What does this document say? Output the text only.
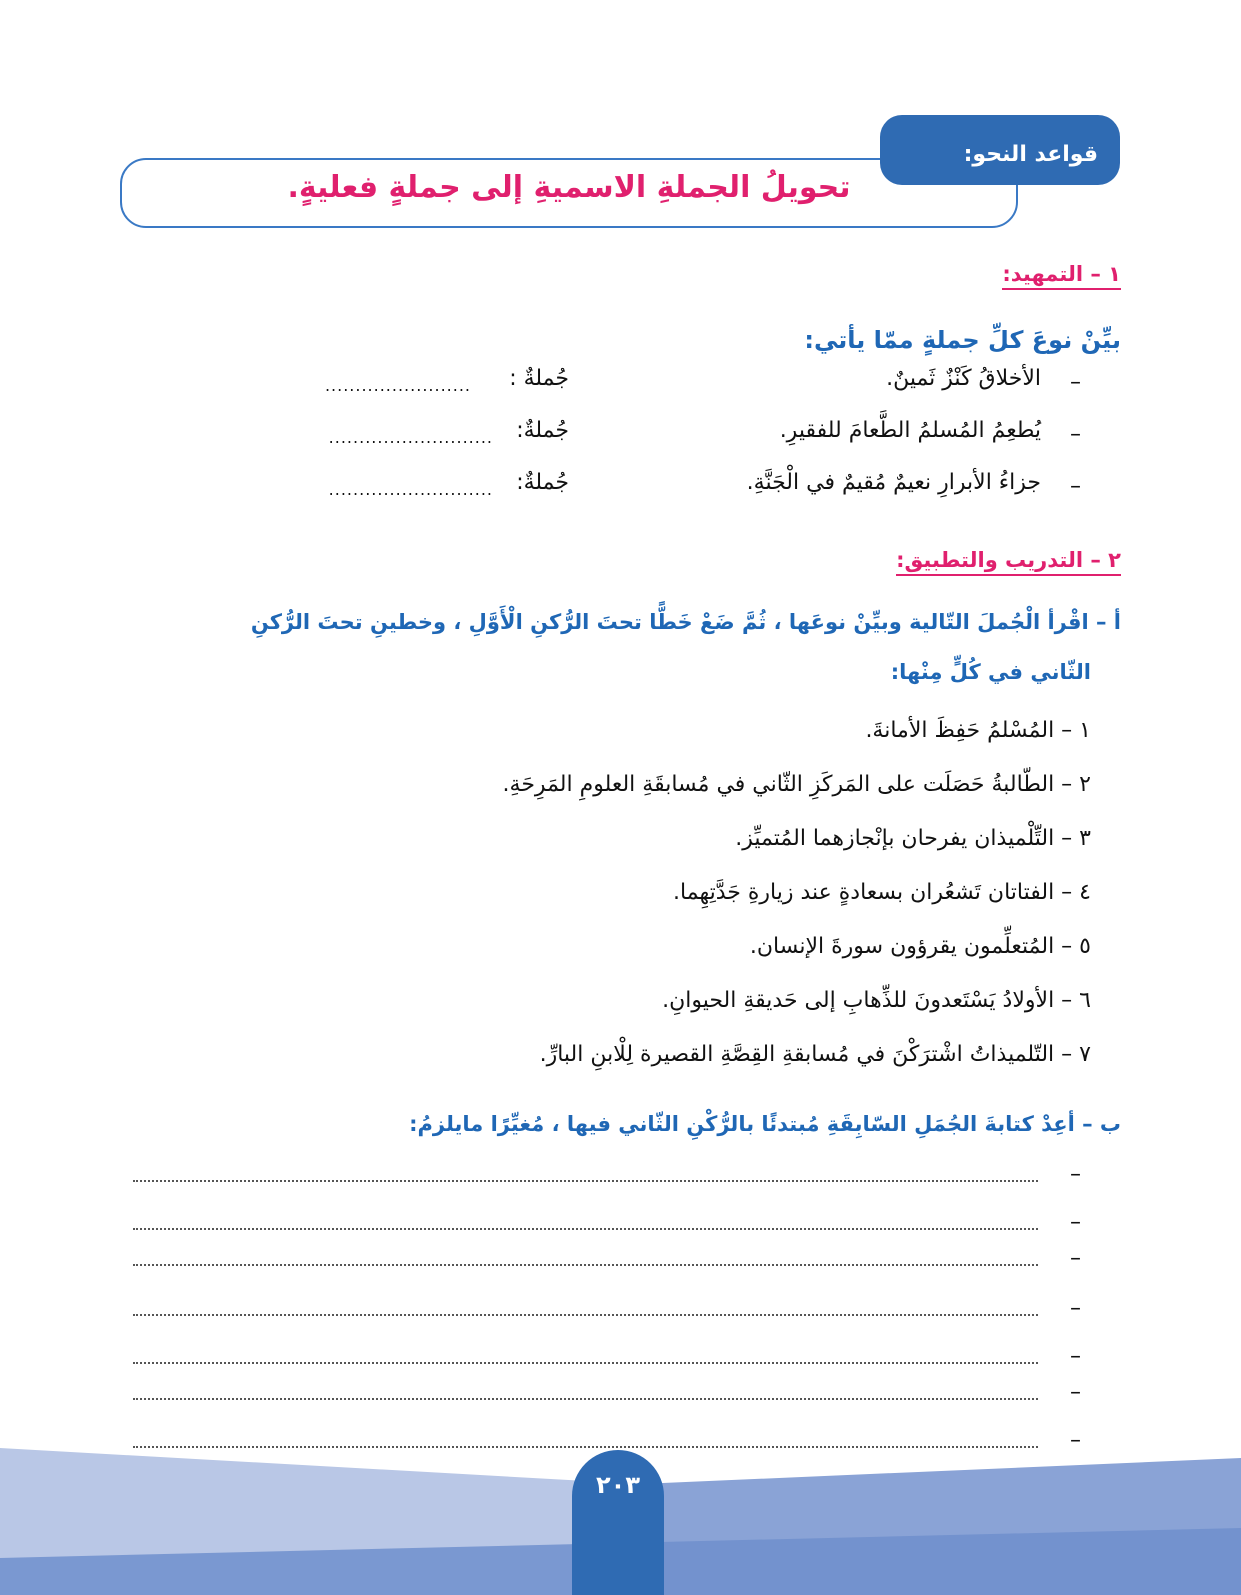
قواعد النحو:
تحويلُ الجملةِ الاسميةِ إلى جملةٍ فعليةٍ.
١ – التمهيد:
بيِّنْ نوعَ كلِّ جملةٍ ممّا يأتي:
–
الأخلاقُ كَنْزٌ ثَمينٌ.
جُملةٌ :
........................
–
يُطعِمُ المُسلمُ الطَّعامَ للفقيرِ.
جُملةٌ:
...........................
–
جزاءُ الأبرارِ نعيمٌ مُقيمٌ في الْجَنَّةِ.
جُملةٌ:
...........................
٢ – التدريب والتطبيق:
أ – اقْرأ الْجُملَ التّالية وبيِّنْ نوعَها ، ثُمَّ ضَعْ خَطًّا تحتَ الرُّكنِ الْأَوَّلِ ، وخطينِ تحتَ الرُّكنِ
الثّاني في كُلٍّ مِنْها:
١ – المُسْلمُ حَفِظَ الأمانةَ.
٢ – الطّالبةُ حَصَلَت على المَركَزِ الثّاني في مُسابقَةِ العلومِ المَرِحَةِ.
٣ – التِّلْميذان يفرحان بإنْجازهما المُتميِّز.
٤ – الفتاتان تَشعُران بسعادةٍ عند زيارةِ جَدَّتِهِما.
٥ – المُتعلِّمون يقرؤون سورةَ الإنسان.
٦ – الأولادُ يَسْتَعدونَ للذِّهابِ إلى حَديقةِ الحيوانِ.
٧ – التّلميذاتُ اشْترَكْنَ في مُسابقةِ القِصَّةِ القصيرة لِلْابنِ البارِّ.
ب – أعِدْ كتابةَ الجُمَلِ السّابِقَةِ مُبتدئًا بالرُّكْنِ الثّاني فيها ، مُغيِّرًا مايلزمُ:
–
–
–
–
–
–
–
٢٠٣
